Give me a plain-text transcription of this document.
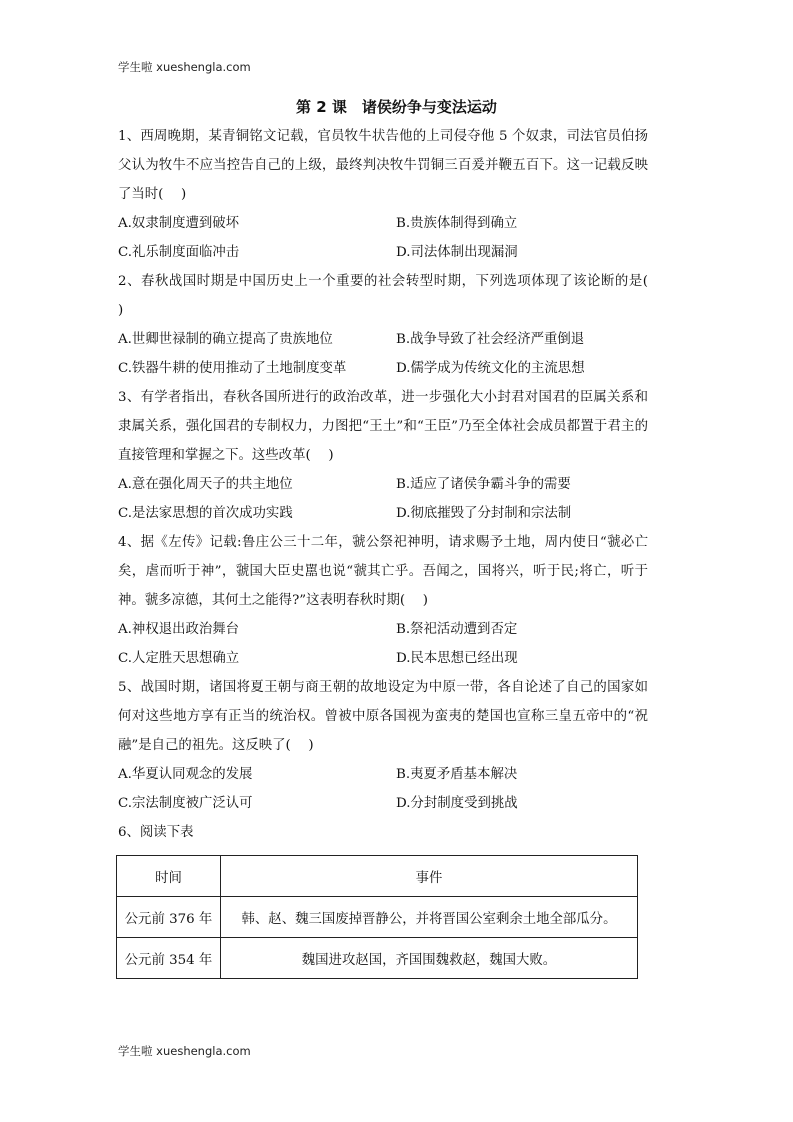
学生啦 xueshengla.com
第 2 课　诸侯纷争与变法运动

1、西周晚期，某青铜铭文记载，官员牧牛状告他的上司侵夺他 5 个奴隶，司法官员伯扬父认为牧牛不应当控告自己的上级，最终判决牧牛罚铜三百爰并鞭五百下。这一记载反映了当时(　 )

A.奴隶制度遭到破坏	B.贵族体制得到确立
C.礼乐制度面临冲击	D.司法体制出现漏洞

2、春秋战国时期是中国历史上一个重要的社会转型时期，下列选项体现了该论断的是(　 )

A.世卿世禄制的确立提高了贵族地位	B.战争导致了社会经济严重倒退
C.铁器牛耕的使用推动了土地制度变革	D.儒学成为传统文化的主流思想

3、有学者指出，春秋各国所进行的政治改革，进一步强化大小封君对国君的臣属关系和隶属关系，强化国君的专制权力，力图把“王土”和“王臣”乃至全体社会成员都置于君主的直接管理和掌握之下。这些改革(　 )

A.意在强化周天子的共主地位	B.适应了诸侯争霸斗争的需要
C.是法家思想的首次成功实践	D.彻底摧毁了分封制和宗法制

4、据《左传》记载:鲁庄公三十二年，虢公祭祀神明，请求赐予土地，周内使日“虢必亡矣，虐而听于神”，虢国大臣史嚚也说“虢其亡乎。吾闻之，国将兴，听于民;将亡，听于神。虢多凉德，其何土之能得?”这表明春秋时期(　 )

A.神权退出政治舞台	B.祭祀活动遭到否定
C.人定胜天思想确立	D.民本思想已经出现

5、战国时期，诸国将夏王朝与商王朝的故地设定为中原一带，各自论述了自己的国家如何对这些地方享有正当的统治权。曾被中原各国视为蛮夷的楚国也宣称三皇五帝中的“祝融”是自己的祖先。这反映了(　 )

A.华夏认同观念的发展	B.夷夏矛盾基本解决
C.宗法制度被广泛认可	D.分封制度受到挑战

6、阅读下表

时间	事件
公元前 376 年	韩、赵、魏三国废掉晋静公，并将晋国公室剩余土地全部瓜分。
公元前 354 年	魏国进攻赵国，齐国围魏救赵，魏国大败。
学生啦 xueshengla.com
